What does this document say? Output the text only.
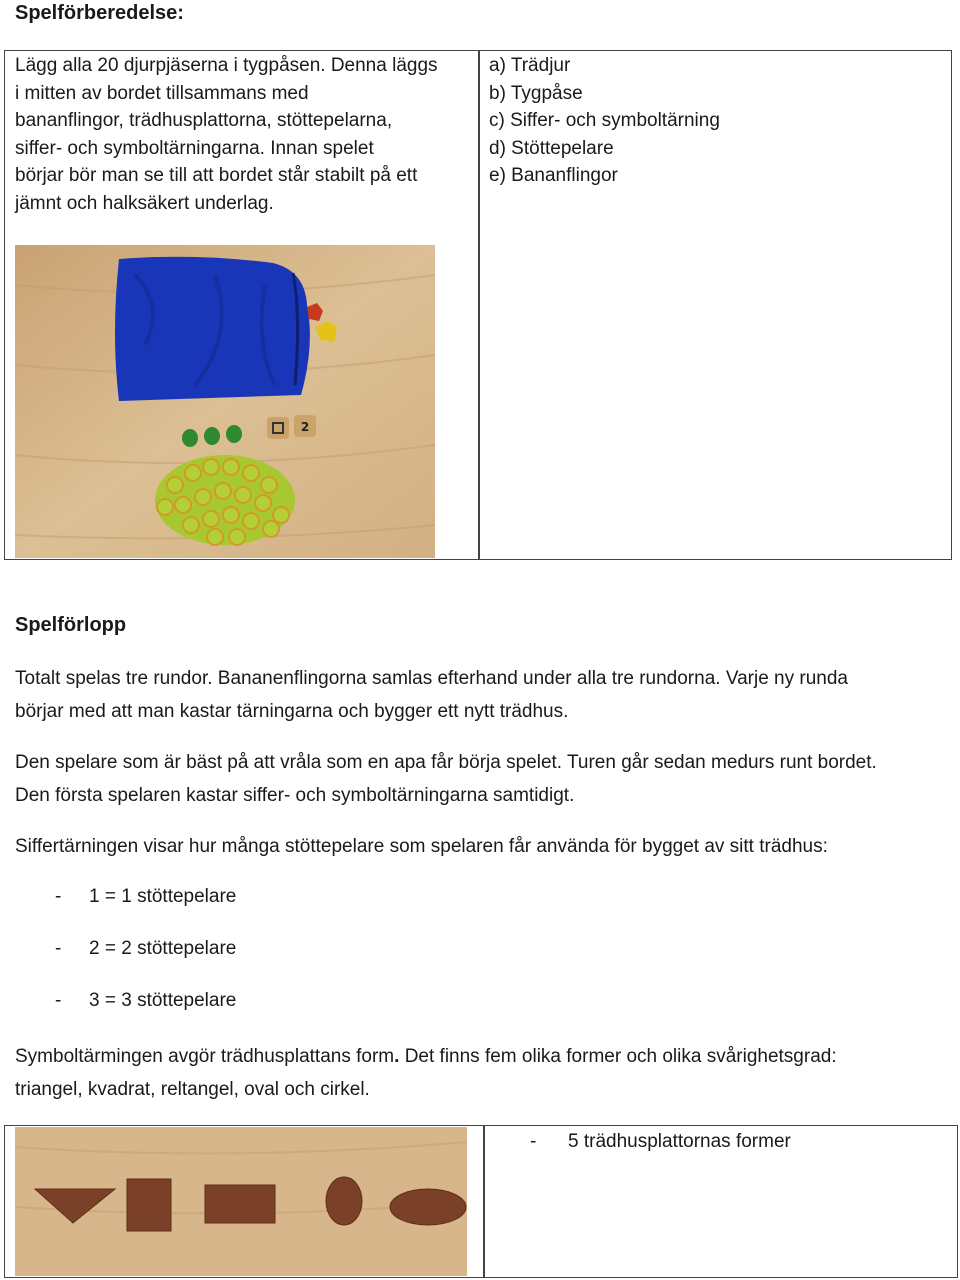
Spelförberedelse:
Lägg alla 20 djurpjäserna i tygpåsen. Denna läggs
i mitten av bordet tillsammans med
bananflingor, trädhusplattorna, stöttepelarna,
siffer- och symboltärningarna. Innan spelet
börjar bör man se till att bordet står stabilt på ett
jämnt och halksäkert underlag.
a) Trädjur
b) Tygpåse
c) Siffer- och symboltärning
d) Stöttepelare
e) Bananflingor
2
Spelförlopp
Totalt spelas tre rundor. Bananenflingorna samlas efterhand under alla tre rundorna. Varje ny runda
börjar med att man kastar tärningarna och bygger ett nytt trädhus.
Den spelare som är bäst på att vråla som en apa får börja spelet. Turen går sedan medurs runt bordet.
Den första spelaren kastar siffer- och symboltärningarna samtidigt.
Siffertärningen visar hur många stöttepelare som spelaren får använda för bygget av sitt trädhus:
- 1 = 1 stöttepelare
- 2 = 2 stöttepelare
- 3 = 3 stöttepelare
Symboltärmingen avgör trädhusplattans form. Det finns fem olika former och olika svårighetsgrad:
triangel, kvadrat, reltangel, oval och cirkel.
- 5 trädhusplattornas former
